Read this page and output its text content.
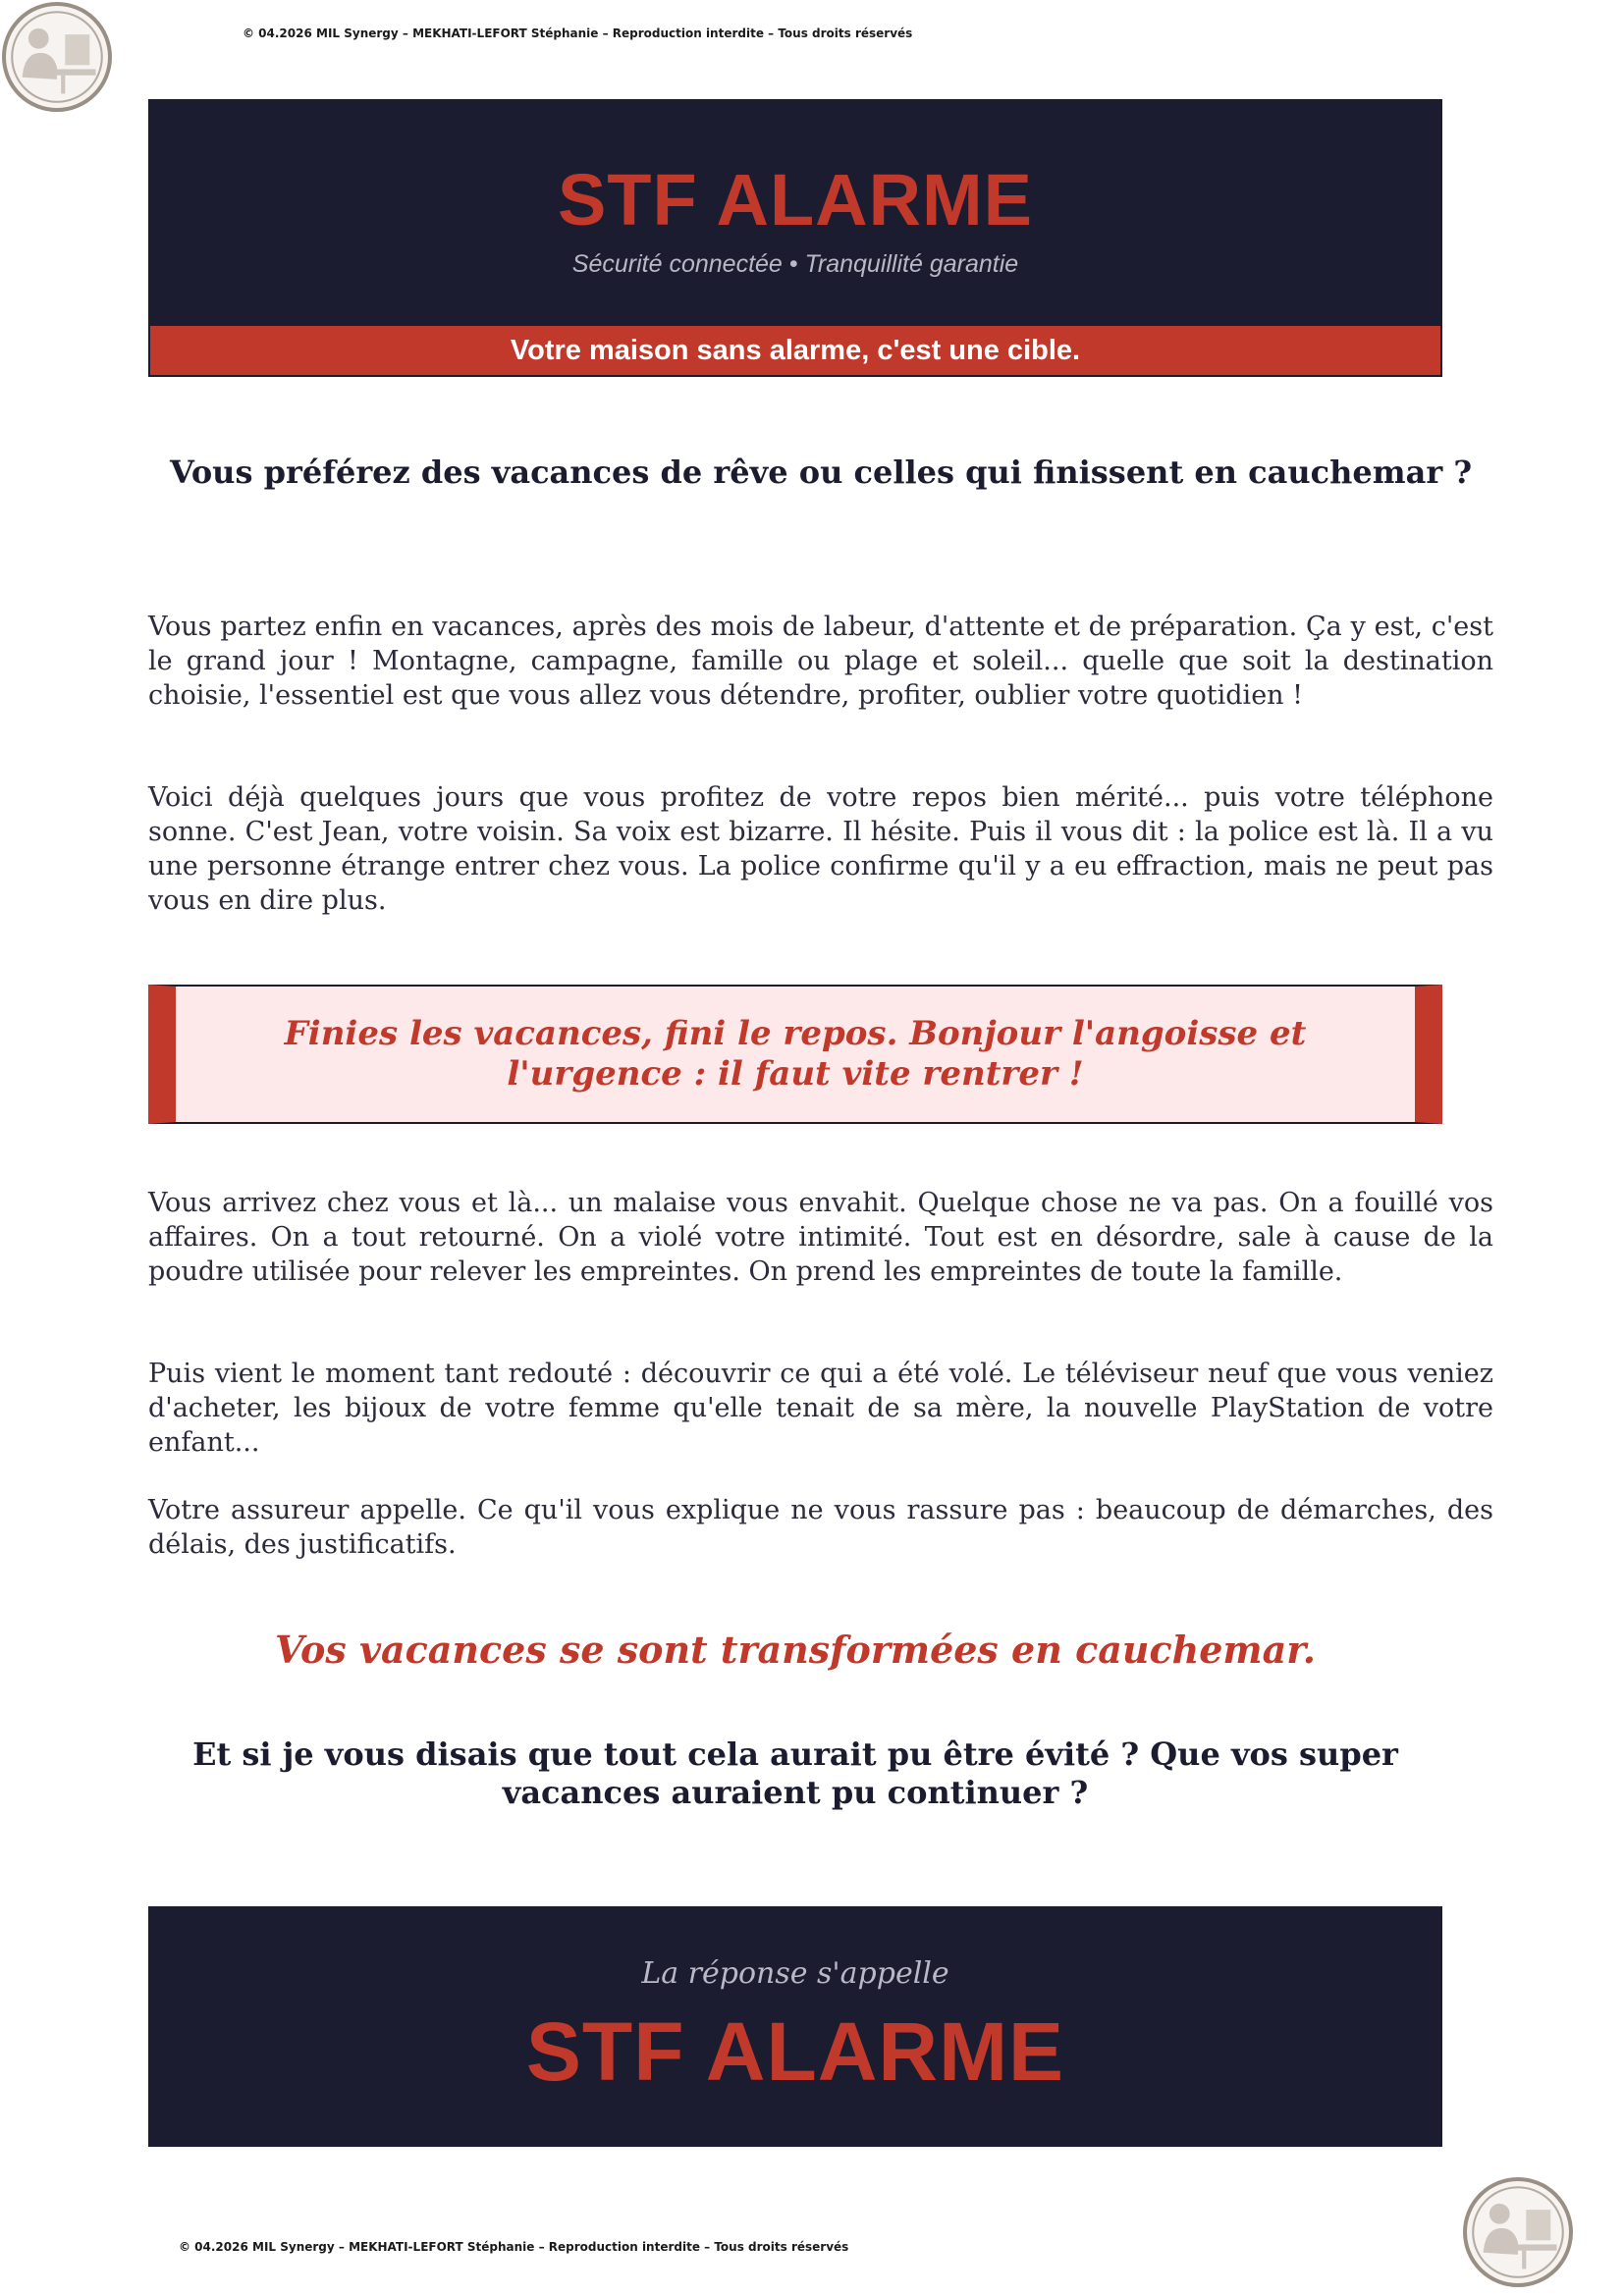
© 04.2026 MIL Synergy – MEKHATI-LEFORT Stéphanie – Reproduction interdite – Tous droits réservés
STF ALARME
Sécurité connectée • Tranquillité garantie
Votre maison sans alarme, c'est une cible.
Vous préférez des vacances de rêve ou celles qui finissent en cauchemar ?

Vous partez enfin en vacances, après des mois de labeur, d'attente et de préparation. Ça y est, c'est le grand jour ! Montagne, campagne, famille ou plage et soleil... quelle que soit la destination choisie, l'essentiel est que vous allez vous détendre, profiter, oublier votre quotidien !

Voici déjà quelques jours que vous profitez de votre repos bien mérité... puis votre téléphone sonne. C'est Jean, votre voisin. Sa voix est bizarre. Il hésite. Puis il vous dit : la police est là. Il a vu une personne étrange entrer chez vous. La police confirme qu'il y a eu effraction, mais ne peut pas vous en dire plus.

Finies les vacances, fini le repos. Bonjour l'angoisse et l'urgence : il faut vite rentrer !

Vous arrivez chez vous et là... un malaise vous envahit. Quelque chose ne va pas. On a fouillé vos affaires. On a tout retourné. On a violé votre intimité. Tout est en désordre, sale à cause de la poudre utilisée pour relever les empreintes. On prend les empreintes de toute la famille.

Puis vient le moment tant redouté : découvrir ce qui a été volé. Le téléviseur neuf que vous veniez d'acheter, les bijoux de votre femme qu'elle tenait de sa mère, la nouvelle PlayStation de votre enfant...

Votre assureur appelle. Ce qu'il vous explique ne vous rassure pas : beaucoup de démarches, des délais, des justificatifs.

Vos vacances se sont transformées en cauchemar.
Et si je vous disais que tout cela aurait pu être évité ? Que vos super vacances auraient pu continuer ?
La réponse s'appelle
STF ALARME
© 04.2026 MIL Synergy – MEKHATI-LEFORT Stéphanie – Reproduction interdite – Tous droits réservés
